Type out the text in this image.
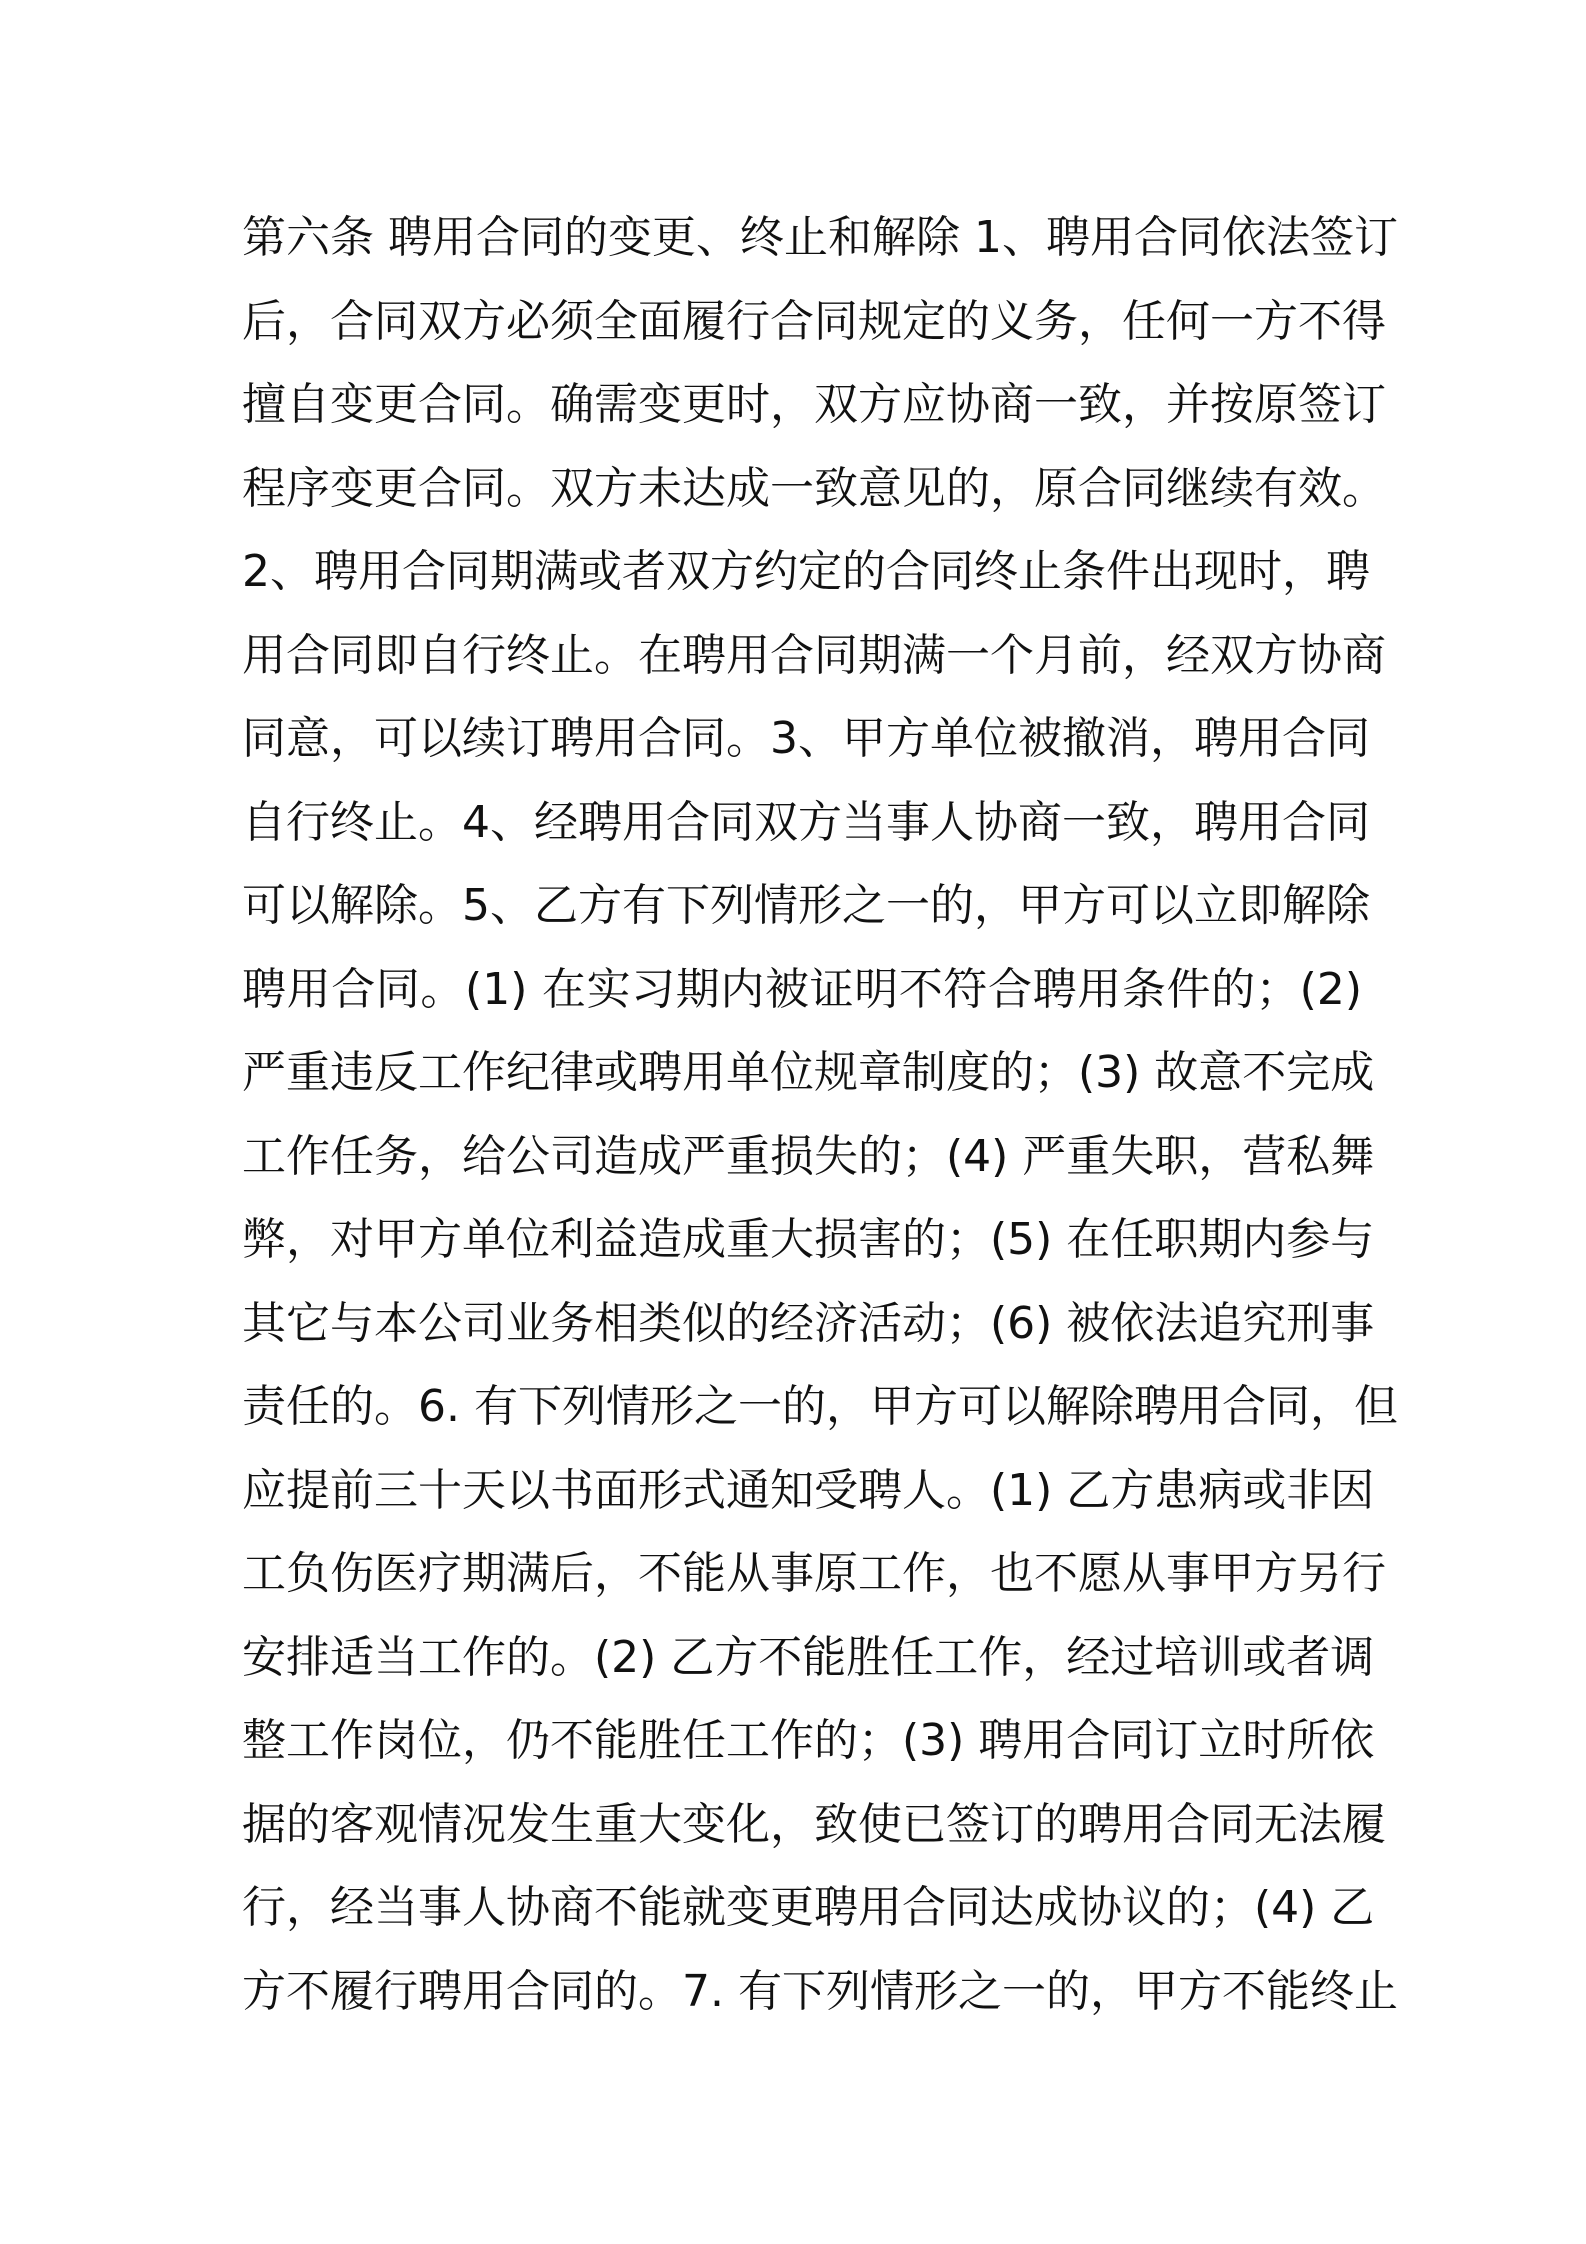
第六条 聘用合同的变更、终止和解除 1、聘用合同依法签订
后，合同双方必须全面履行合同规定的义务，任何一方不得
擅自变更合同。确需变更时，双方应协商一致，并按原签订
程序变更合同。双方未达成一致意见的，原合同继续有效。
2、聘用合同期满或者双方约定的合同终止条件出现时，聘
用合同即自行终止。在聘用合同期满一个月前，经双方协商
同意，可以续订聘用合同。3、甲方单位被撤消，聘用合同
自行终止。4、经聘用合同双方当事人协商一致，聘用合同
可以解除。5、乙方有下列情形之一的，甲方可以立即解除
聘用合同。(1) 在实习期内被证明不符合聘用条件的；(2)
严重违反工作纪律或聘用单位规章制度的；(3) 故意不完成
工作任务，给公司造成严重损失的；(4) 严重失职，营私舞
弊，对甲方单位利益造成重大损害的；(5) 在任职期内参与
其它与本公司业务相类似的经济活动；(6) 被依法追究刑事
责任的。6. 有下列情形之一的，甲方可以解除聘用合同，但
应提前三十天以书面形式通知受聘人。(1) 乙方患病或非因
工负伤医疗期满后，不能从事原工作，也不愿从事甲方另行
安排适当工作的。(2) 乙方不能胜任工作，经过培训或者调
整工作岗位，仍不能胜任工作的；(3) 聘用合同订立时所依
据的客观情况发生重大变化，致使已签订的聘用合同无法履
行，经当事人协商不能就变更聘用合同达成协议的；(4) 乙
方不履行聘用合同的。7. 有下列情形之一的，甲方不能终止
